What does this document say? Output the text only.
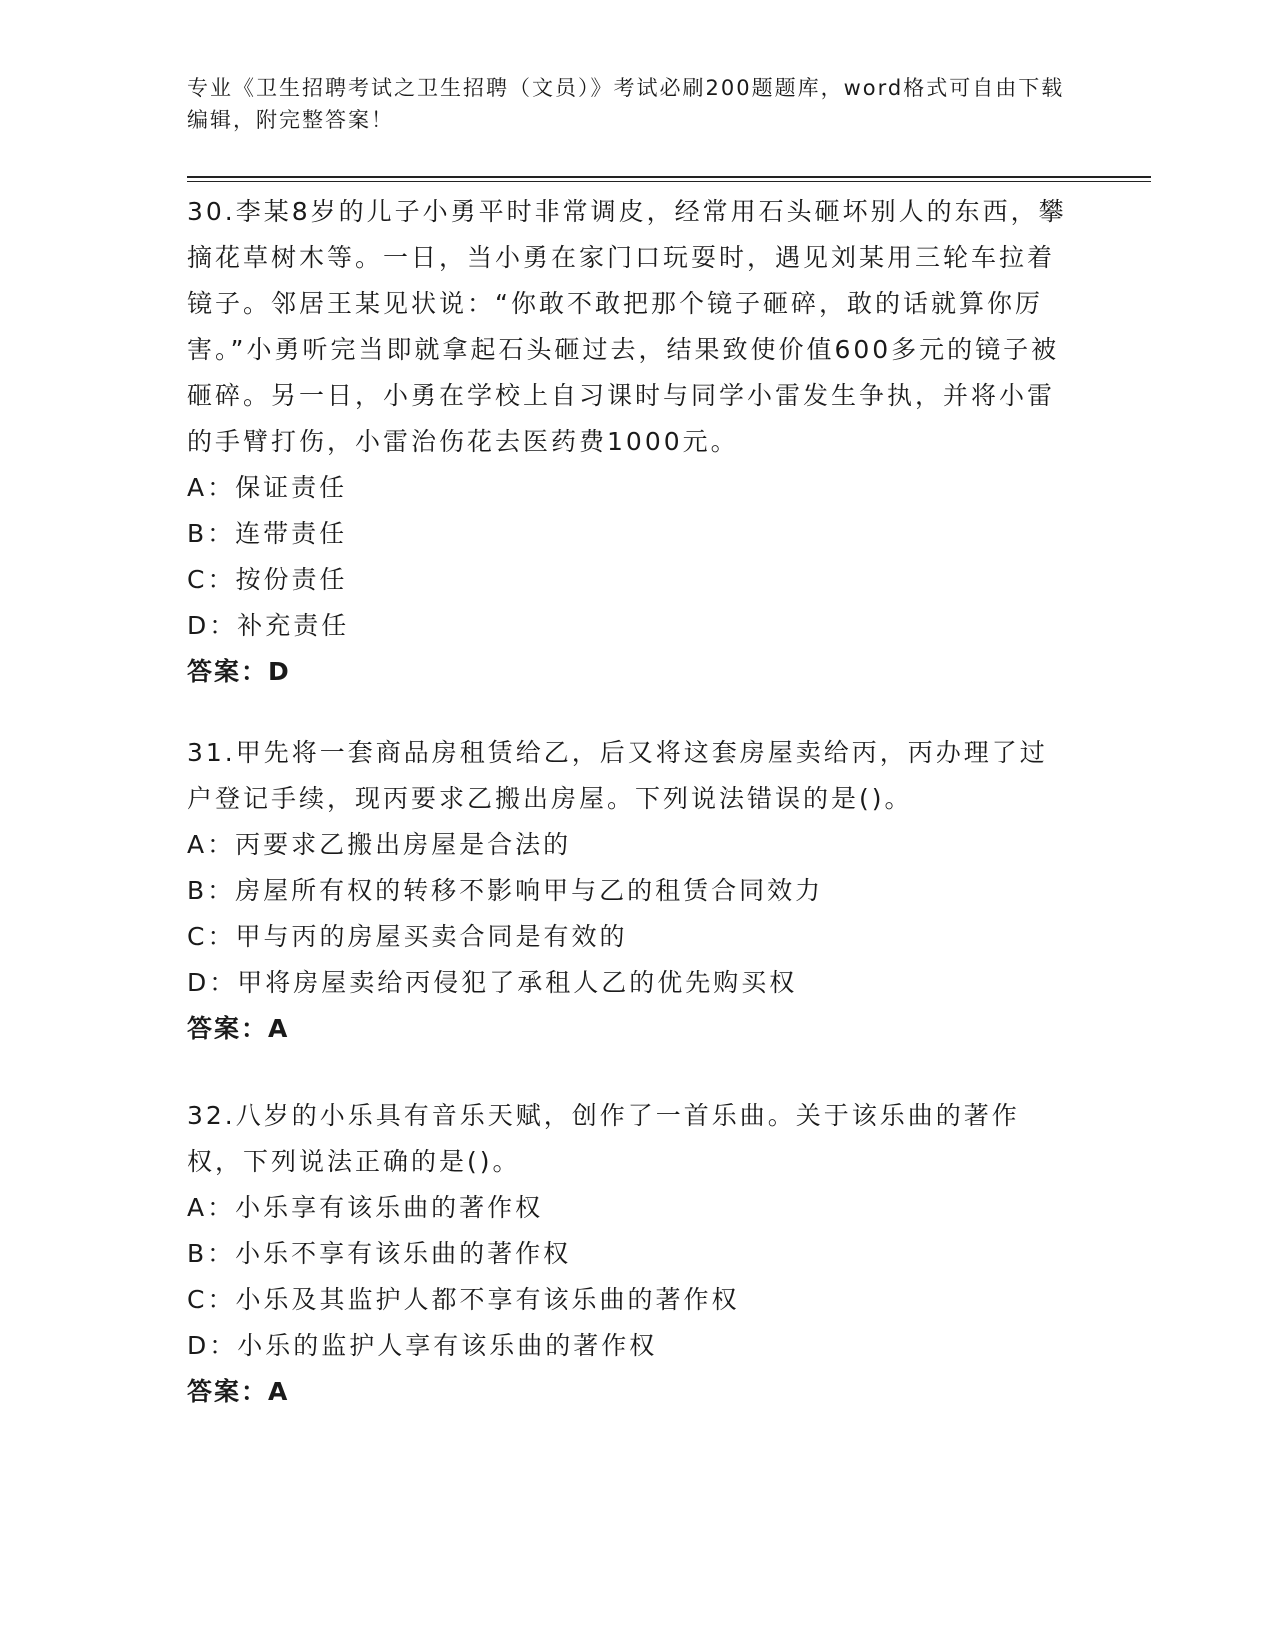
专业《卫生招聘考试之卫生招聘（文员）》考试必刷200题题库，word格式可自由下载编辑，附完整答案！

30.李某8岁的儿子小勇平时非常调皮，经常用石头砸坏别人的东西，攀摘花草树木等。一日，当小勇在家门口玩耍时，遇见刘某用三轮车拉着镜子。邻居王某见状说：“你敢不敢把那个镜子砸碎，敢的话就算你厉害。”小勇听完当即就拿起石头砸过去，结果致使价值600多元的镜子被砸碎。另一日，小勇在学校上自习课时与同学小雷发生争执，并将小雷的手臂打伤，小雷治伤花去医药费1000元。

A：保证责任

B：连带责任

C：按份责任

D：补充责任

答案：D

31.甲先将一套商品房租赁给乙，后又将这套房屋卖给丙，丙办理了过户登记手续，现丙要求乙搬出房屋。下列说法错误的是()。

A：丙要求乙搬出房屋是合法的

B：房屋所有权的转移不影响甲与乙的租赁合同效力

C：甲与丙的房屋买卖合同是有效的

D：甲将房屋卖给丙侵犯了承租人乙的优先购买权

答案：A

32.八岁的小乐具有音乐天赋，创作了一首乐曲。关于该乐曲的著作权，下列说法正确的是()。

A：小乐享有该乐曲的著作权

B：小乐不享有该乐曲的著作权

C：小乐及其监护人都不享有该乐曲的著作权

D：小乐的监护人享有该乐曲的著作权

答案：A
